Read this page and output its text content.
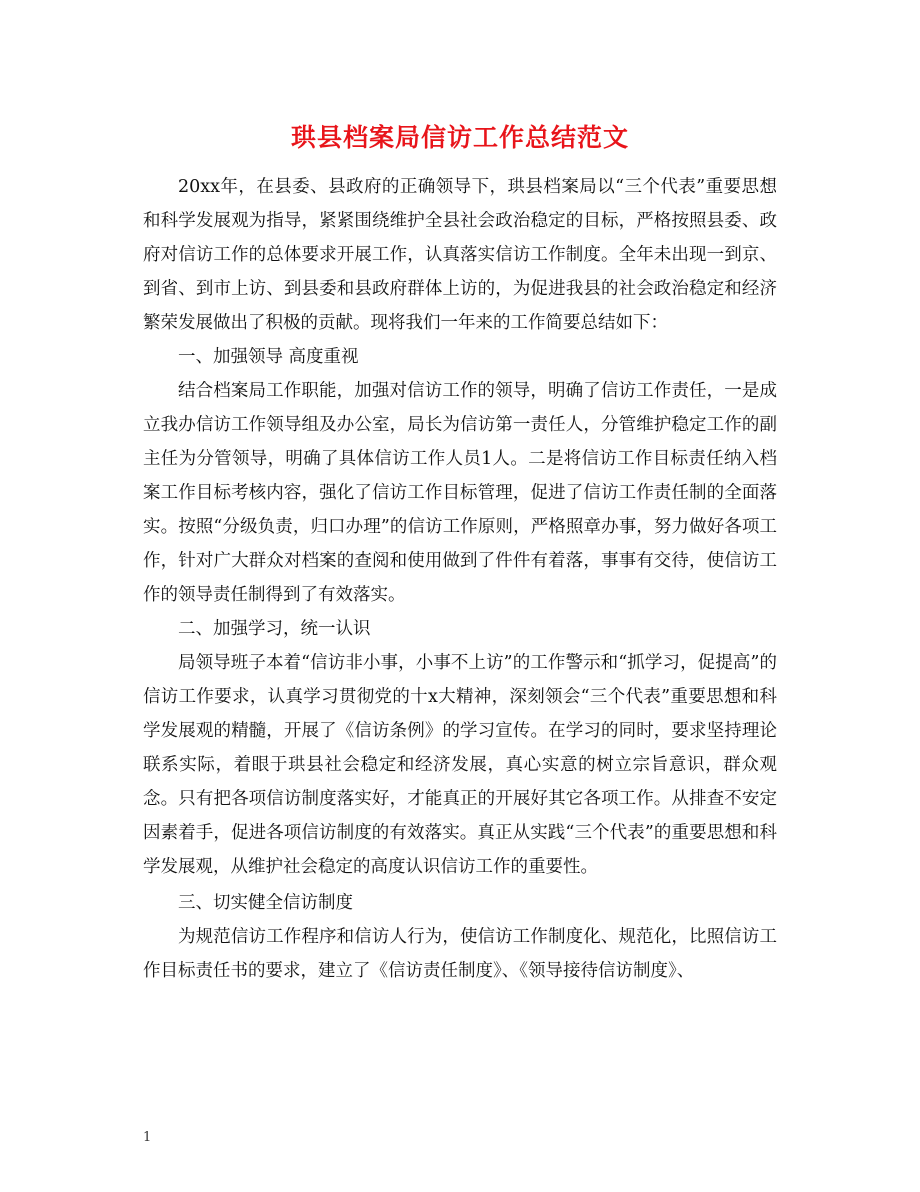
珙县档案局信访工作总结范文

20xx年，在县委、县政府的正确领导下，珙县档案局以“三个代表”重要思想和科学发展观为指导，紧紧围绕维护全县社会政治稳定的目标，严格按照县委、政府对信访工作的总体要求开展工作，认真落实信访工作制度。全年未出现一到京、到省、到市上访、到县委和县政府群体上访的，为促进我县的社会政治稳定和经济繁荣发展做出了积极的贡献。现将我们一年来的工作简要总结如下：

一、加强领导 高度重视

结合档案局工作职能，加强对信访工作的领导，明确了信访工作责任，一是成立我办信访工作领导组及办公室，局长为信访第一责任人，分管维护稳定工作的副主任为分管领导，明确了具体信访工作人员1人。二是将信访工作目标责任纳入档案工作目标考核内容，强化了信访工作目标管理，促进了信访工作责任制的全面落实。按照“分级负责，归口办理”的信访工作原则，严格照章办事，努力做好各项工作，针对广大群众对档案的查阅和使用做到了件件有着落，事事有交待，使信访工作的领导责任制得到了有效落实。

二、加强学习，统一认识

局领导班子本着“信访非小事，小事不上访”的工作警示和“抓学习，促提高”的信访工作要求，认真学习贯彻党的十x大精神，深刻领会“三个代表”重要思想和科学发展观的精髓，开展了《信访条例》的学习宣传。在学习的同时，要求坚持理论联系实际，着眼于珙县社会稳定和经济发展，真心实意的树立宗旨意识，群众观念。只有把各项信访制度落实好，才能真正的开展好其它各项工作。从排查不安定因素着手，促进各项信访制度的有效落实。真正从实践“三个代表”的重要思想和科学发展观，从维护社会稳定的高度认识信访工作的重要性。

三、切实健全信访制度

为规范信访工作程序和信访人行为，使信访工作制度化、规范化，比照信访工作目标责任书的要求，建立了《信访责任制度》、《领导接待信访制度》、

1
